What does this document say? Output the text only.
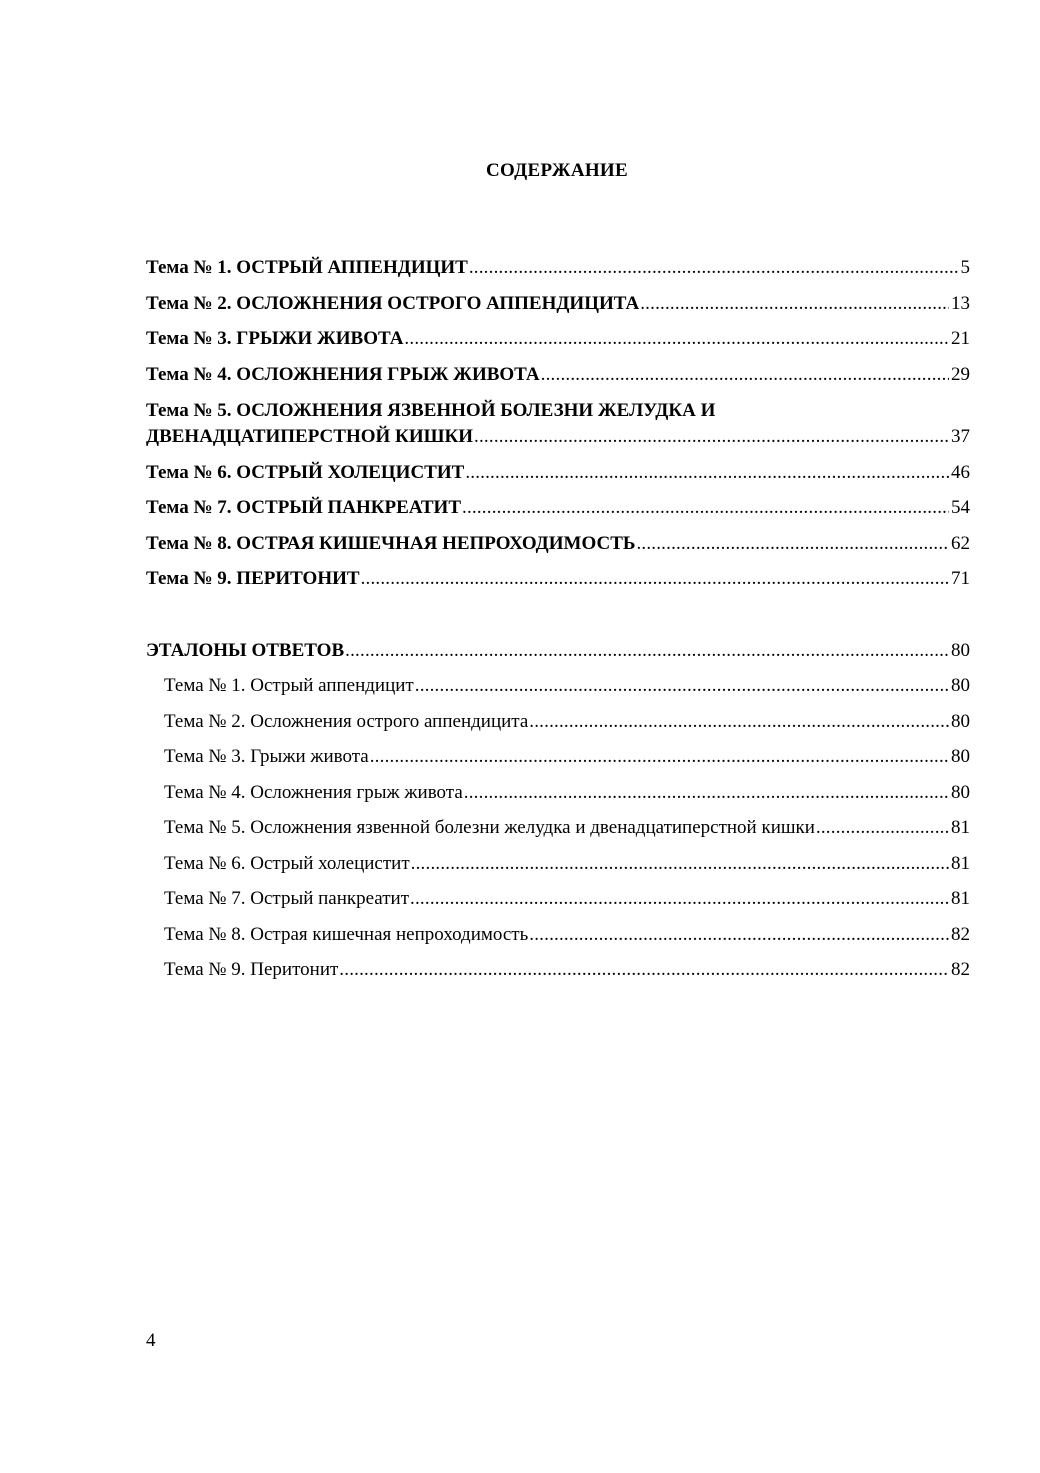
СОДЕРЖАНИЕ
Тема № 1. ОСТРЫЙ АППЕНДИЦИТ .....	5
Тема № 2. ОСЛОЖНЕНИЯ ОСТРОГО АППЕНДИЦИТА .....	13
Тема № 3. ГРЫЖИ ЖИВОТА .....	21
Тема № 4. ОСЛОЖНЕНИЯ ГРЫЖ ЖИВОТА .....	29
Тема № 5. ОСЛОЖНЕНИЯ ЯЗВЕННОЙ БОЛЕЗНИ ЖЕЛУДКА И
ДВЕНАДЦАТИПЕРСТНОЙ КИШКИ .....	37
Тема № 6. ОСТРЫЙ ХОЛЕЦИСТИТ .....	46
Тема № 7. ОСТРЫЙ ПАНКРЕАТИТ .....	54
Тема № 8. ОСТРАЯ КИШЕЧНАЯ НЕПРОХОДИМОСТЬ .....	62
Тема № 9. ПЕРИТОНИТ .....	71
ЭТАЛОНЫ ОТВЕТОВ .....	80
Тема № 1. Острый аппендицит .....	80
Тема № 2. Осложнения острого аппендицита .....	80
Тема № 3. Грыжи живота .....	80
Тема № 4. Осложнения грыж живота .....	80
Тема № 5. Осложнения язвенной болезни желудка и двенадцатиперстной кишки .....	81
Тема № 6. Острый холецистит .....	81
Тема № 7. Острый панкреатит .....	81
Тема № 8. Острая кишечная непроходимость .....	82
Тема № 9. Перитонит .....	82
4
